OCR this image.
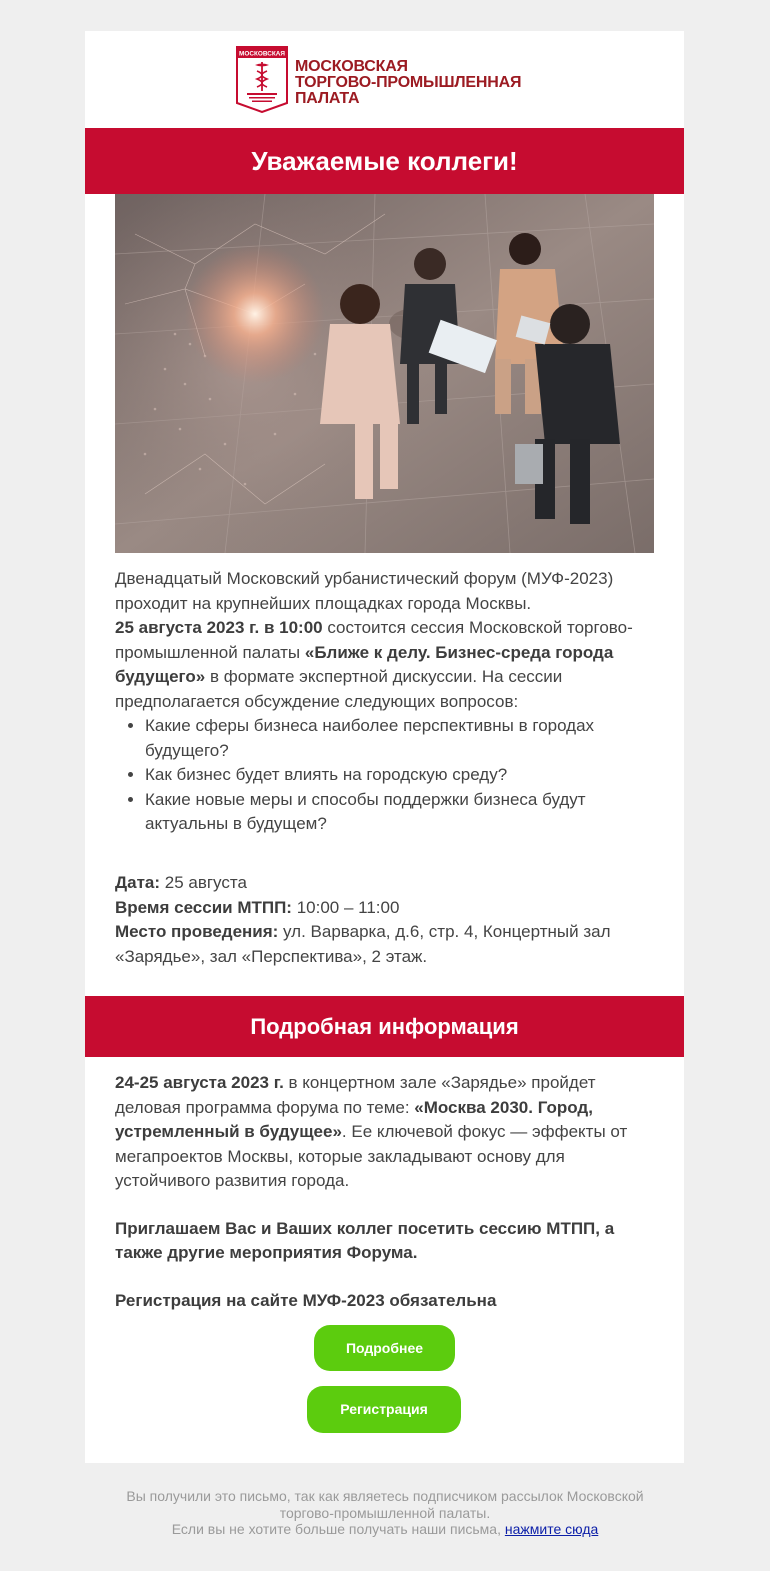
МОСКОВСКАЯ
МОСКОВСКАЯ
ТОРГОВО-ПРОМЫШЛЕННАЯ
ПАЛАТА
Уважаемые коллеги!
Двенадцатый Московский урбанистический форум (МУФ-2023) проходит на крупнейших площадках города Москвы.
25 августа 2023 г. в 10:00 состоится сессия Московской торгово-промышленной палаты «Ближе к делу. Бизнес-среда города будущего» в формате экспертной дискуссии. На сессии предполагается обсуждение следующих вопросов:
• Какие сферы бизнеса наиболее перспективны в городах будущего?
• Как бизнес будет влиять на городскую среду?
• Какие новые меры и способы поддержки бизнеса будут актуальны в будущем?
Дата: 25 августа
Время сессии МТПП: 10:00 – 11:00
Место проведения: ул. Варварка, д.6, стр. 4, Концертный зал «Зарядье», зал «Перспектива», 2 этаж.
Подробная информация
24-25 августа 2023 г. в концертном зале «Зарядье» пройдет деловая программа форума по теме: «Москва 2030. Город, устремленный в будущее». Ее ключевой фокус — эффекты от мегапроектов Москвы, которые закладывают основу для устойчивого развития города.
Приглашаем Вас и Ваших коллег посетить сессию МТПП, а также другие мероприятия Форума.
Регистрация на сайте МУФ-2023 обязательна
Подробнее
Регистрация
Вы получили это письмо, так как являетесь подписчиком рассылок Московской торгово-промышленной палаты.
Если вы не хотите больше получать наши письма, нажмите сюда
